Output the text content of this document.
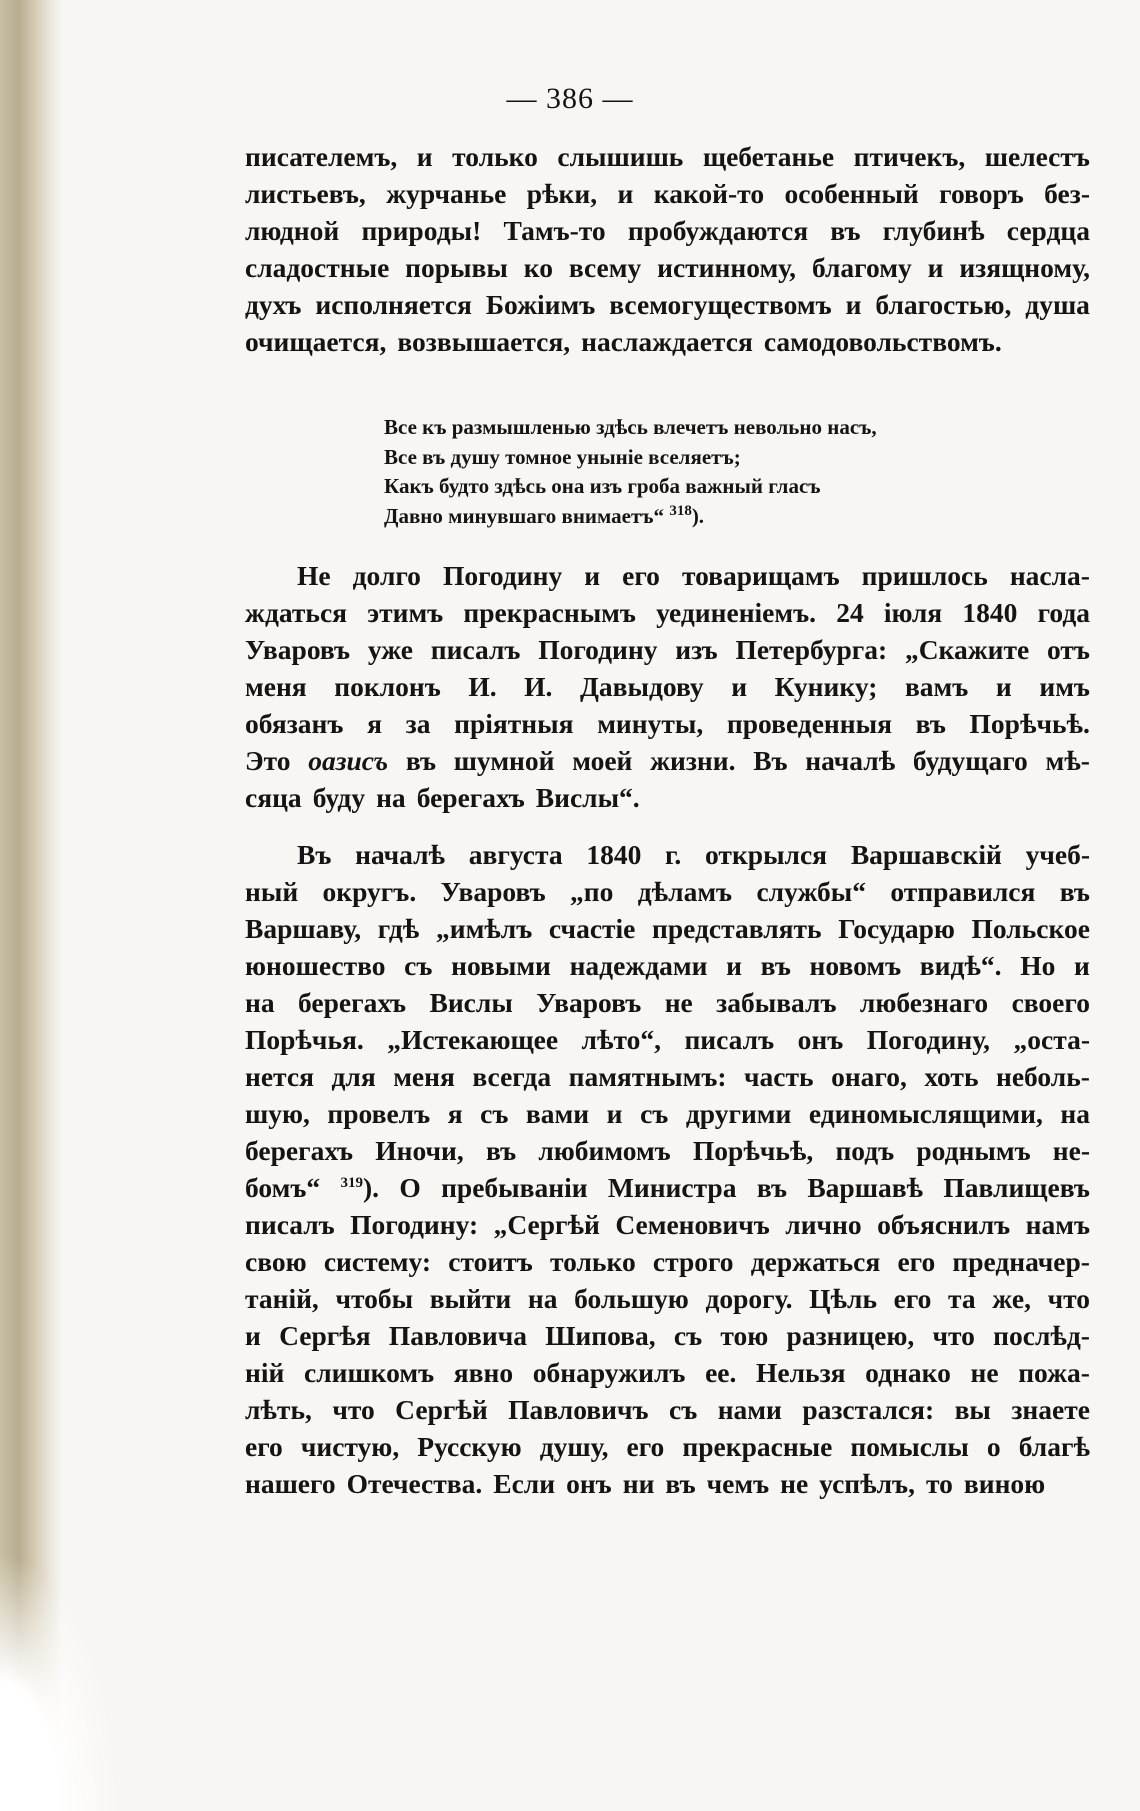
— 386 —
писателемъ, и только слышишь щебетанье птичекъ, шелестъ
листьевъ, журчанье рѣки, и какой-то особенный говоръ без-
людной природы! Тамъ-то пробуждаются въ глубинѣ сердца
сладостные порывы ко всему истинному, благому и изящному,
духъ исполняется Божіимъ всемогуществомъ и благостью, душа
очищается, возвышается, наслаждается самодовольствомъ.
Все къ размышленью здѣсь влечетъ невольно насъ,
Все въ душу томное уныніе вселяетъ;
Какъ будто здѣсь она изъ гроба важный гласъ
Давно минувшаго внимаетъ“ $^{318}$).
Не долго Погодину и его товарищамъ пришлось насла-
ждаться этимъ прекраснымъ уединеніемъ. 24 іюля 1840 года
Уваровъ уже писалъ Погодину изъ Петербурга: „Скажите отъ
меня поклонъ И. И. Давыдову и Кунику; вамъ и имъ
обязанъ я за пріятныя минуты, проведенныя въ Порѣчьѣ.
Это оазисъ въ шумной моей жизни. Въ началѣ будущаго мѣ-
сяца буду на берегахъ Вислы“.
Въ началѣ августа 1840 г. открылся Варшавскій учеб-
ный округъ. Уваровъ „по дѣламъ службы“ отправился въ
Варшаву, гдѣ „имѣлъ счастіе представлять Государю Польское
юношество съ новыми надеждами и въ новомъ видѣ“. Но и
на берегахъ Вислы Уваровъ не забывалъ любезнаго своего
Порѣчья. „Истекающее лѣто“, писалъ онъ Погодину, „оста-
нется для меня всегда памятнымъ: часть онаго, хоть неболь-
шую, провелъ я съ вами и съ другими единомыслящими, на
берегахъ Иночи, въ любимомъ Порѣчьѣ, подъ роднымъ не-
бомъ“ $^{319}$). О пребываніи Министра въ Варшавѣ Павлищевъ
писалъ Погодину: „Сергѣй Семеновичъ лично объяснилъ намъ
свою систему: стоитъ только строго держаться его предначер-
таній, чтобы выйти на большую дорогу. Цѣль его та же, что
и Сергѣя Павловича Шипова, съ тою разницею, что послѣд-
ній слишкомъ явно обнаружилъ ее. Нельзя однако не пожа-
лѣть, что Сергѣй Павловичъ съ нами разстался: вы знаете
его чистую, Русскую душу, его прекрасные помыслы о благѣ
нашего Отечества. Если онъ ни въ чемъ не успѣлъ, то виною
